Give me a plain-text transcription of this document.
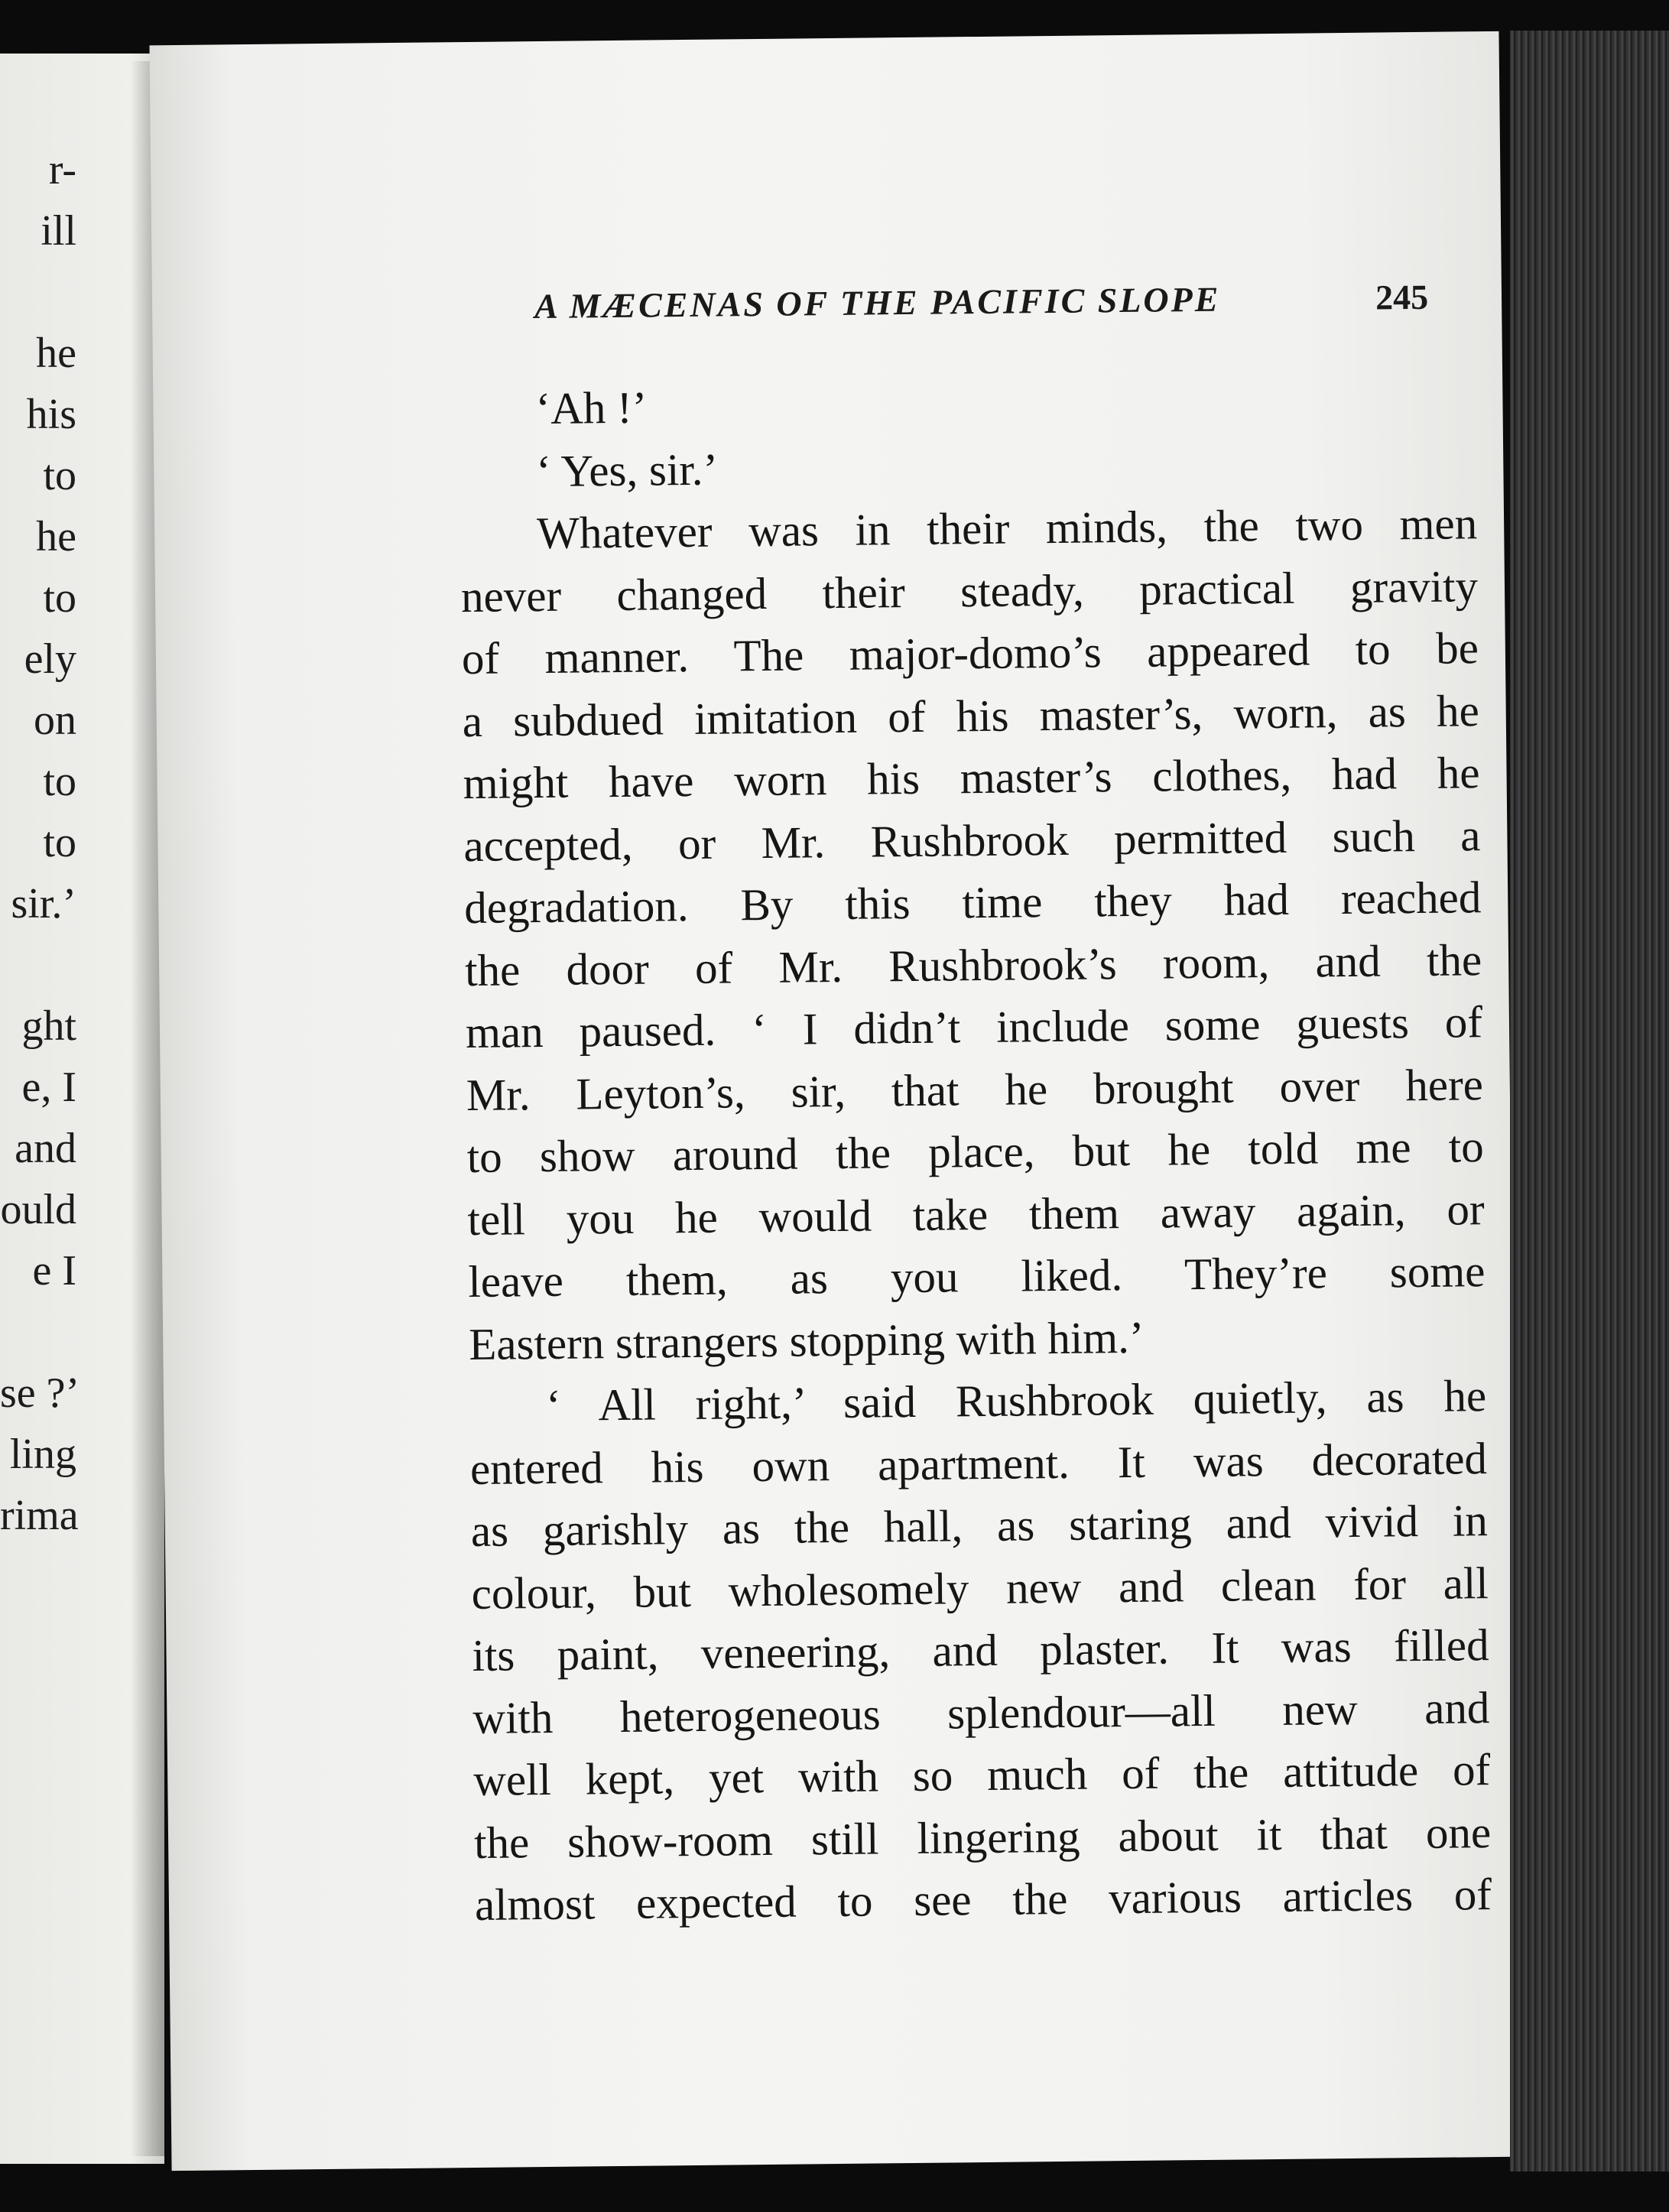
r-
ill
he
his
to
he
to
ely
on
to
to
sir.’
ght
e, I
and
ould
e I
se ?’
ling
rima
A MÆCENAS OF THE PACIFIC SLOPE	245
‘Ah !’
‘ Yes, sir.’
Whatever was in their minds, the two men
never changed their steady, practical gravity
of manner. The major-domo’s appeared to be
a subdued imitation of his master’s, worn, as he
might have worn his master’s clothes, had he
accepted, or Mr. Rushbrook permitted such a
degradation. By this time they had reached
the door of Mr. Rushbrook’s room, and the
man paused. ‘ I didn’t include some guests of
Mr. Leyton’s, sir, that he brought over here
to show around the place, but he told me to
tell you he would take them away again, or
leave them, as you liked. They’re some
Eastern strangers stopping with him.’
‘ All right,’ said Rushbrook quietly, as he
entered his own apartment. It was decorated
as garishly as the hall, as staring and vivid in
colour, but wholesomely new and clean for all
its paint, veneering, and plaster. It was filled
with heterogeneous splendour—all new and
well kept, yet with so much of the attitude of
the show-room still lingering about it that one
almost expected to see the various articles of
